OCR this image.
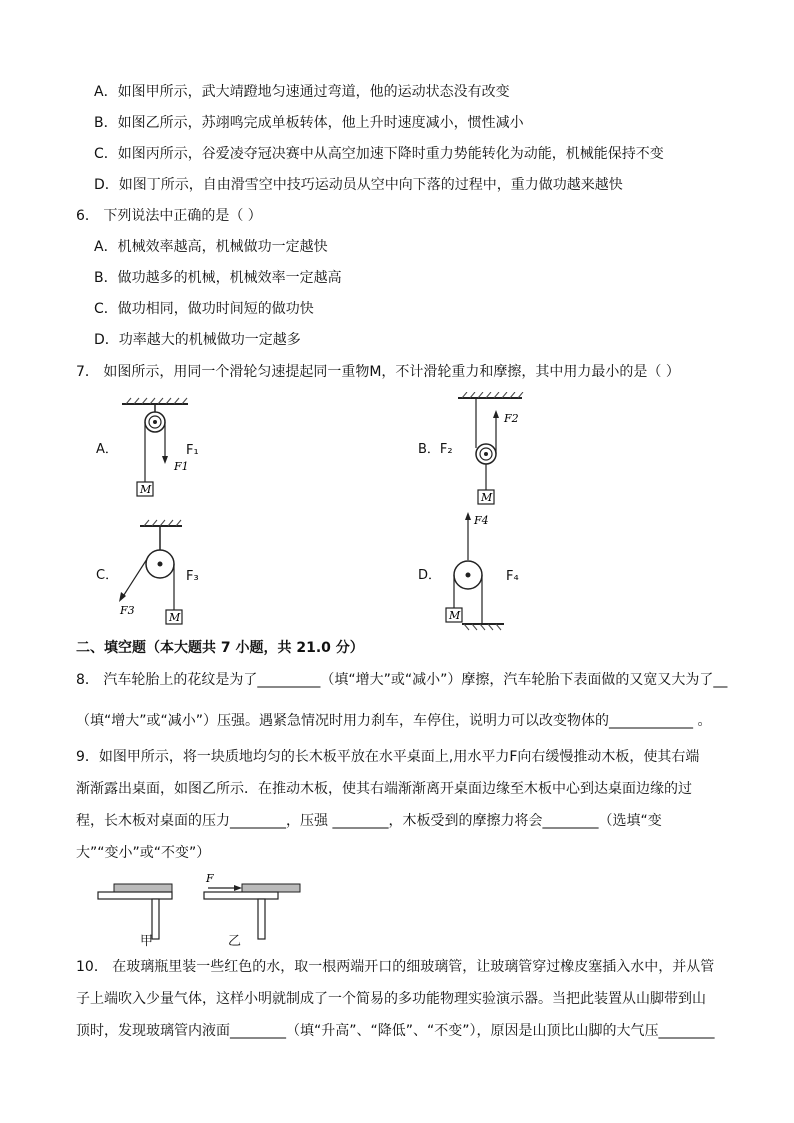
A．如图甲所示，武大靖蹬地匀速通过弯道，他的运动状态没有改变
B．如图乙所示，苏翊鸣完成单板转体，他上升时速度减小，惯性减小
C．如图丙所示，谷爱凌夺冠决赛中从高空加速下降时重力势能转化为动能，机械能保持不变
D．如图丁所示，自由滑雪空中技巧运动员从空中向下落的过程中，重力做功越来越快
6． 下列说法中正确的是（ ）
A．机械效率越高，机械做功一定越快
B．做功越多的机械，机械效率一定越高
C．做功相同，做功时间短的做功快
D．功率越大的机械做功一定越多
7． 如图所示，用同一个滑轮匀速提起同一重物M，不计滑轮重力和摩擦，其中用力最小的是（ ）
A．
M
F1
F₁	B．F₂
M
F2
C．
M
F3
F₃	D．
F4
M
F₄
二、填空题（本大题共 7 小题，共 21.0 分）
8． 汽车轮胎上的花纹是为了_________（填“增大”或“减小”）摩擦，汽车轮胎下表面做的又宽又大为了__
（填“增大”或“减小”）压强。遇紧急情况时用力刹车，车停住，说明力可以改变物体的____________ 。
9．如图甲所示，将一块质地均匀的长木板平放在水平桌面上,用水平力F向右缓慢推动木板，使其右端
渐渐露出桌面，如图乙所示．在推动木板，使其右端渐渐离开桌面边缘至木板中心到达桌面边缘的过
程，长木板对桌面的压力________，压强 ________，木板受到的摩擦力将会________（选填“变
大”“变小”或“不变”）
F
甲	乙
10． 在玻璃瓶里装一些红色的水，取一根两端开口的细玻璃管，让玻璃管穿过橡皮塞插入水中，并从管
子上端吹入少量气体，这样小明就制成了一个简易的多功能物理实验演示器。当把此装置从山脚带到山
顶时，发现玻璃管内液面________（填“升高”、“降低”、“不变”），原因是山顶比山脚的大气压________
